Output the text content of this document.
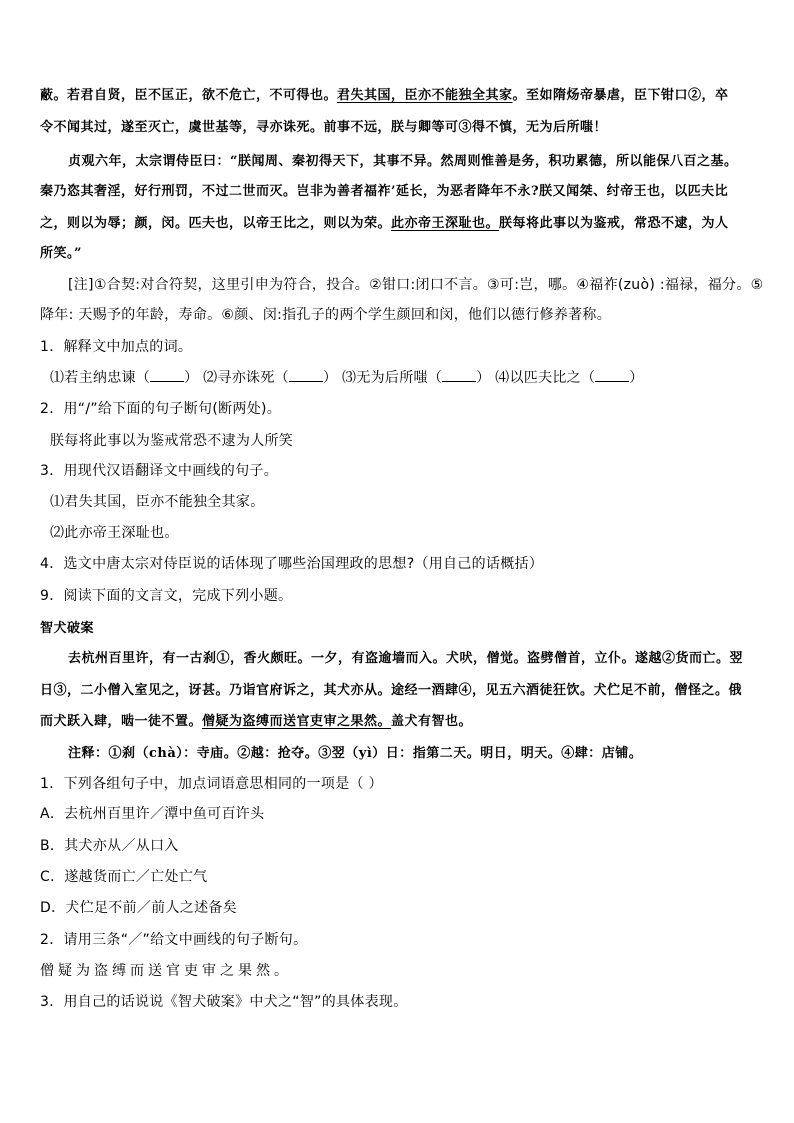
蔽。若君自贤，臣不匡正，欲不危亡，不可得也。君失其国，臣亦不能独全其家。至如隋炀帝暴虐，臣下钳口②，卒
令不闻其过，遂至灭亡，虞世基等，寻亦诛死。前事不远，朕与卿等可③得不慎，无为后所嗤！
贞观六年，太宗谓侍臣曰：“朕闻周、秦初得天下，其事不异。然周则惟善是务，积功累德，所以能保八百之基。
秦乃恣其奢淫，好行刑罚，不过二世而灭。岂非为善者福祚’延长，为恶者降年不永?朕又闻桀、纣帝王也，以匹夫比
之，则以为辱；颜，闵。匹夫也，以帝王比之，则以为荣。此亦帝王深耻也。朕每将此事以为鉴戒，常恐不逮，为人
所笑。”
[注]①合契:对合符契，这里引申为符合，投合。②钳口:闭口不言。③可:岂，哪。④福祚(zuò) :福禄，福分。⑤
降年: 天赐予的年龄，寿命。⑥颜、闵:指孔子的两个学生颜回和闵，他们以德行修养著称。
1．解释文中加点的词。
⑴若主纳忠谏（ ） ⑵寻亦诛死（ ） ⑶无为后所嗤（ ） ⑷以匹夫比之（ ）
2．用“/”给下面的句子断句(断两处)。
朕每将此事以为鉴戒常恐不逮为人所笑
3．用现代汉语翻译文中画线的句子。
⑴君失其国，臣亦不能独全其家。
⑵此亦帝王深耻也。
4．选文中唐太宗对侍臣说的话体现了哪些治国理政的思想?（用自己的话概括）
9．阅读下面的文言文，完成下列小题。
智犬破案
去杭州百里许，有一古刹①，香火颇旺。一夕，有盗逾墙而入。犬吠，僧觉。盗劈僧首，立仆。遂越②货而亡。翌
日③，二小僧入室见之，讶甚。乃诣官府诉之，其犬亦从。途经一酒肆④，见五六酒徒狂饮。犬伫足不前，僧怪之。俄
而犬跃入肆，啮一徒不置。僧疑为盗缚而送官吏审之果然。盖犬有智也。
注释：①刹（chà）：寺庙。②越：抢夺。③翌（yì）日：指第二天。明日，明天。④肆：店铺。
1．下列各组句子中，加点词语意思相同的一项是（ ）
A．去杭州百里许／潭中鱼可百许头
B．其犬亦从／从口入
C．遂越货而亡／亡处亡气
D．犬伫足不前／前人之述备矣
2．请用三条“／”给文中画线的句子断句。
僧疑为盗缚而送官吏审之果然。
3．用自己的话说说《智犬破案》中犬之“智”的具体表现。
